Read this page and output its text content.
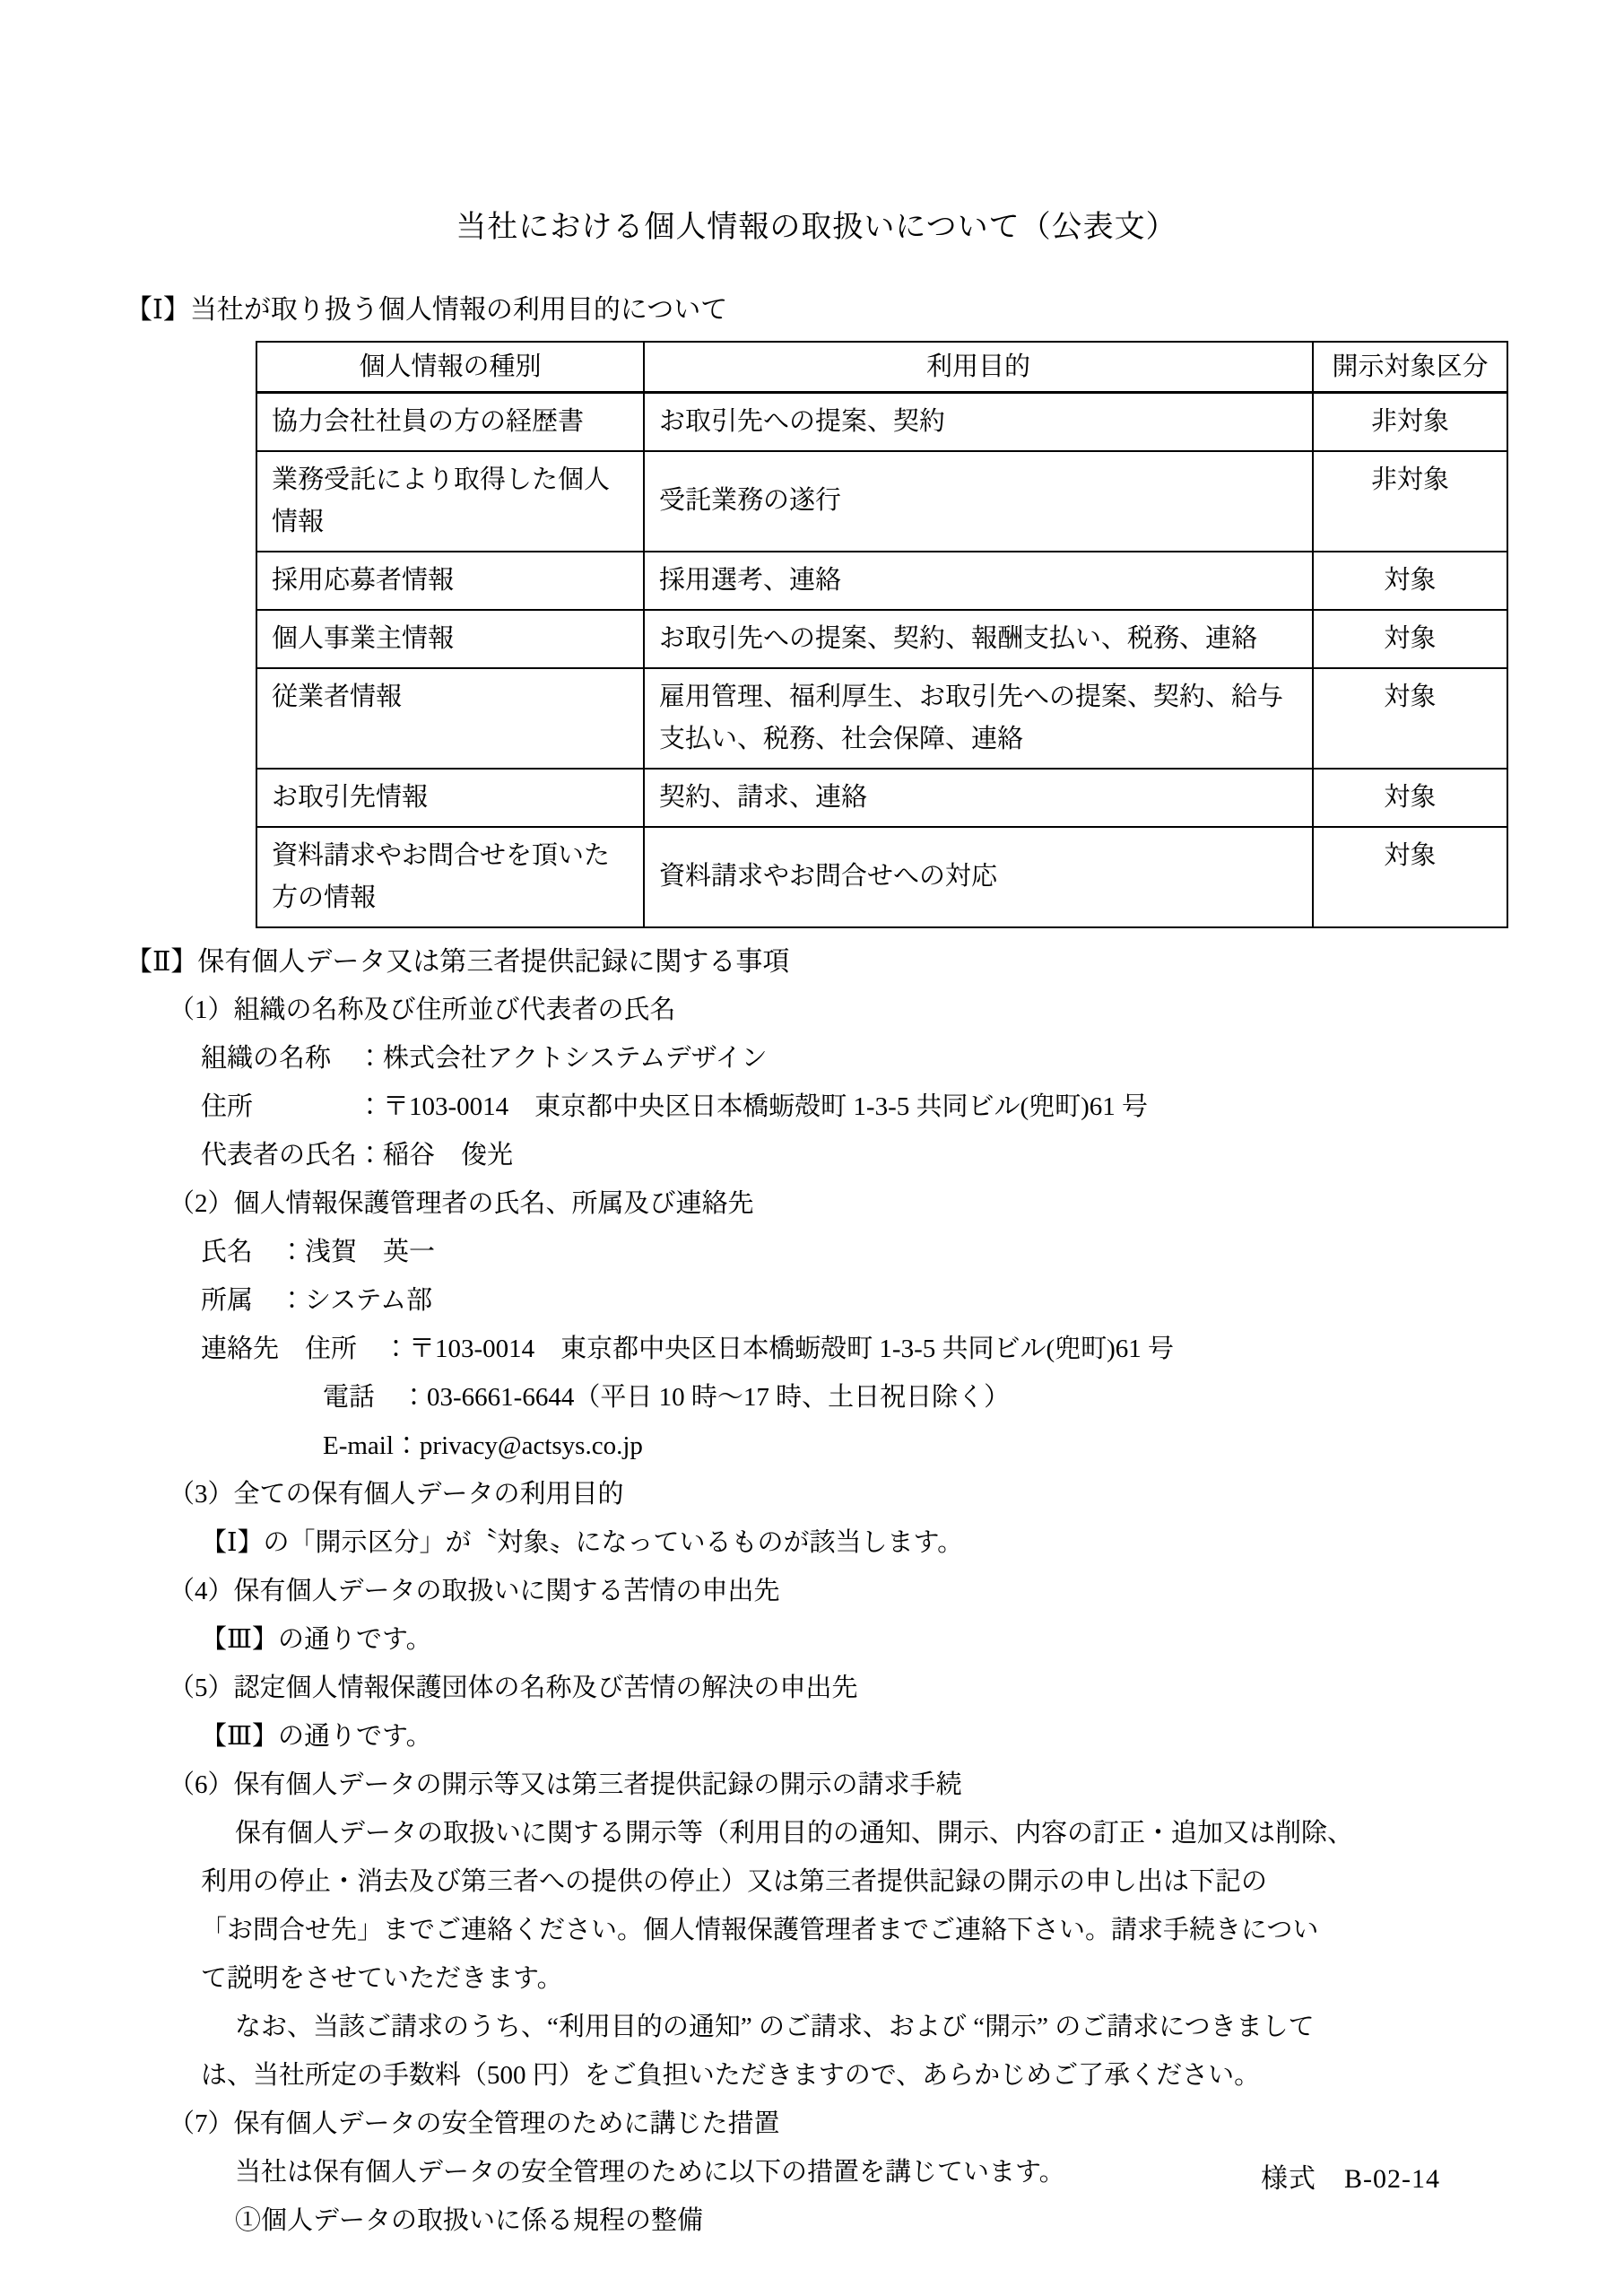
当社における個人情報の取扱いについて（公表文）
【Ⅰ】当社が取り扱う個人情報の利用目的について
個人情報の種別	利用目的	開示対象区分
協力会社社員の方の経歴書	お取引先への提案、契約	非対象
業務受託により取得した個人情報	受託業務の遂行	非対象
採用応募者情報	採用選考、連絡	対象
個人事業主情報	お取引先への提案、契約、報酬支払い、税務、連絡	対象
従業者情報	雇用管理、福利厚生、お取引先への提案、契約、給与支払い、税務、社会保障、連絡	対象
お取引先情報	契約、請求、連絡	対象
資料請求やお問合せを頂いた方の情報	資料請求やお問合せへの対応	対象
【Ⅱ】保有個人データ又は第三者提供記録に関する事項
（1）組織の名称及び住所並び代表者の氏名
組織の名称　：株式会社アクトシステムデザイン
住所　　　　：〒103-0014　東京都中央区日本橋蛎殻町 1-3-5 共同ビル(兜町)61 号
代表者の氏名：稲谷　俊光
（2）個人情報保護管理者の氏名、所属及び連絡先
氏名　：浅賀　英一
所属　：システム部
連絡先　住所　：〒103-0014　東京都中央区日本橋蛎殻町 1-3-5 共同ビル(兜町)61 号
電話　：03-6661-6644（平日 10 時～17 時、土日祝日除く）
E-mail：privacy@actsys.co.jp
（3）全ての保有個人データの利用目的
【Ⅰ】の「開示区分」が〝対象〟になっているものが該当します。
（4）保有個人データの取扱いに関する苦情の申出先
【Ⅲ】の通りです。
（5）認定個人情報保護団体の名称及び苦情の解決の申出先
【Ⅲ】の通りです。
（6）保有個人データの開示等又は第三者提供記録の開示の請求手続
保有個人データの取扱いに関する開示等（利用目的の通知、開示、内容の訂正・追加又は削除、
利用の停止・消去及び第三者への提供の停止）又は第三者提供記録の開示の申し出は下記の
「お問合せ先」までご連絡ください。個人情報保護管理者までご連絡下さい。請求手続きについ
て説明をさせていただきます。
なお、当該ご請求のうち、“利用目的の通知” のご請求、および “開示” のご請求につきまして
は、当社所定の手数料（500 円）をご負担いただきますので、あらかじめご了承ください。
（7）保有個人データの安全管理のために講じた措置
当社は保有個人データの安全管理のために以下の措置を講じています。
①個人データの取扱いに係る規程の整備
様式　B-02-14
